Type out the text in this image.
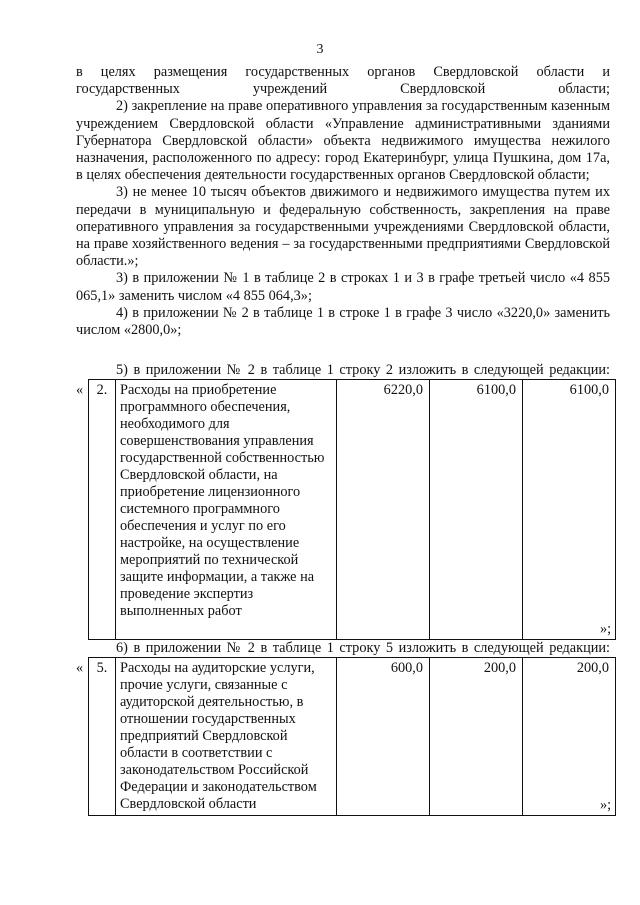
3

в целях размещения государственных органов Свердловской области и государственных учреждений Свердловской области;

2) закрепление на праве оперативного управления за государственным казенным учреждением Свердловской области «Управление административными зданиями Губернатора Свердловской области» объекта недвижимого имущества нежилого назначения, расположенного по адресу: город Екатеринбург, улица Пушкина, дом 17а, в целях обеспечения деятельности государственных органов Свердловской области;

3) не менее 10 тысяч объектов движимого и недвижимого имущества путем их передачи в муниципальную и федеральную собственность, закрепления на праве оперативного управления за государственными учреждениями Свердловской области, на праве хозяйственного ведения – за государственными предприятиями Свердловской области.»;

3) в приложении № 1 в таблице 2 в строках 1 и 3 в графе третьей число «4 855 065,1» заменить числом «4 855 064,3»;

4) в приложении № 2 в таблице 1 в строке 1 в графе 3 число «3220,0» заменить числом «2800,0»;

5) в приложении № 2 в таблице 1 строку 2 изложить в следующей редакции:
« 2.	Расходы на приобретение программного обеспечения, необходимого для совершенствования управления государственной собственностью Свердловской области, на приобретение лицензионного системного программного обеспечения и услуг по его настройке, на осуществление мероприятий по технической защите информации, а также на проведение экспертиз выполненных работ	6220,0	6100,0	6100,0
»;
6) в приложении № 2 в таблице 1 строку 5 изложить в следующей редакции:
« 5.	Расходы на аудиторские услуги, прочие услуги, связанные с аудиторской деятельностью, в отношении государственных предприятий Свердловской области в соответствии с законодательством Российской Федерации и законодательством Свердловской области	600,0	200,0	200,0
»;
